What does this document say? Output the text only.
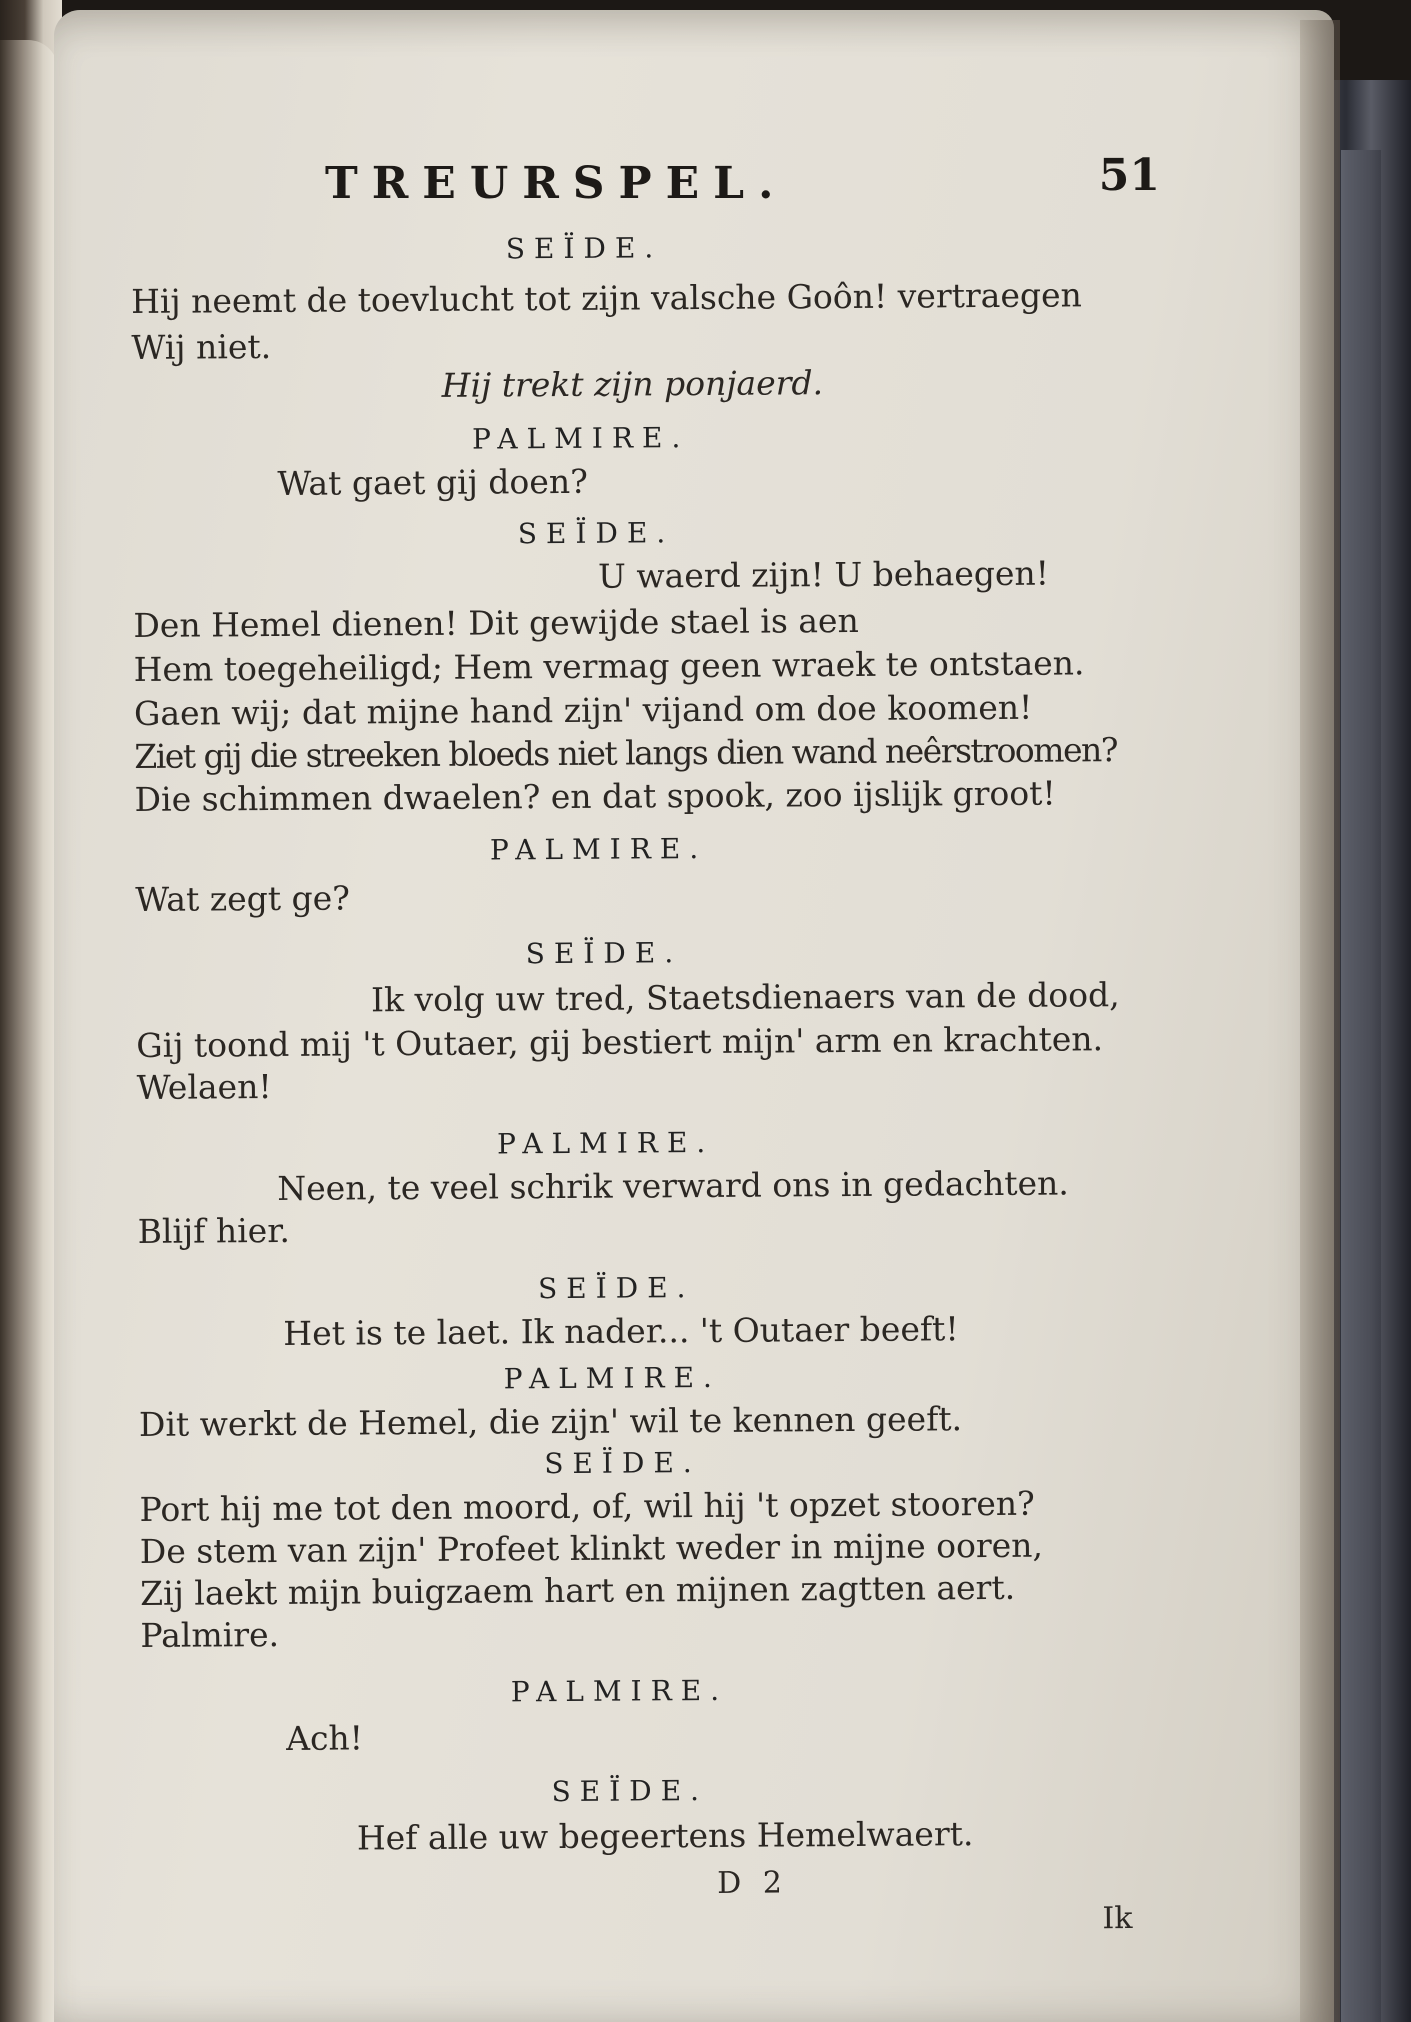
TREURSPEL.	51
SEÏDE.
Hij neemt de toevlucht tot zijn valsche Goôn! vertraegen
Wij niet.
Hij trekt zijn ponjaerd.
PALMIRE.
Wat gaet gij doen?
SEÏDE.
U waerd zijn! U behaegen!
Den Hemel dienen! Dit gewijde stael is aen
Hem toegeheiligd; Hem vermag geen wraek te ontstaen.
Gaen wij; dat mijne hand zijn' vijand om doe koomen!
Ziet gij die streeken bloeds niet langs dien wand neêrstroomen?
Die schimmen dwaelen? en dat spook, zoo ijslijk groot!
PALMIRE.
Wat zegt ge?
SEÏDE.
Ik volg uw tred, Staetsdienaers van de dood,
Gij toond mij 't Outaer, gij bestiert mijn' arm en krachten.
Welaen!
PALMIRE.
Neen, te veel schrik verward ons in gedachten.
Blijf hier.
SEÏDE.
Het is te laet. Ik nader... 't Outaer beeft!
PALMIRE.
Dit werkt de Hemel, die zijn' wil te kennen geeft.
SEÏDE.
Port hij me tot den moord, of, wil hij 't opzet stooren?
De stem van zijn' Profeet klinkt weder in mijne ooren,
Zij laekt mijn buigzaem hart en mijnen zagtten aert.
Palmire.
PALMIRE.
Ach!
SEÏDE.
Hef alle uw begeertens Hemelwaert.
D 2
Ik
